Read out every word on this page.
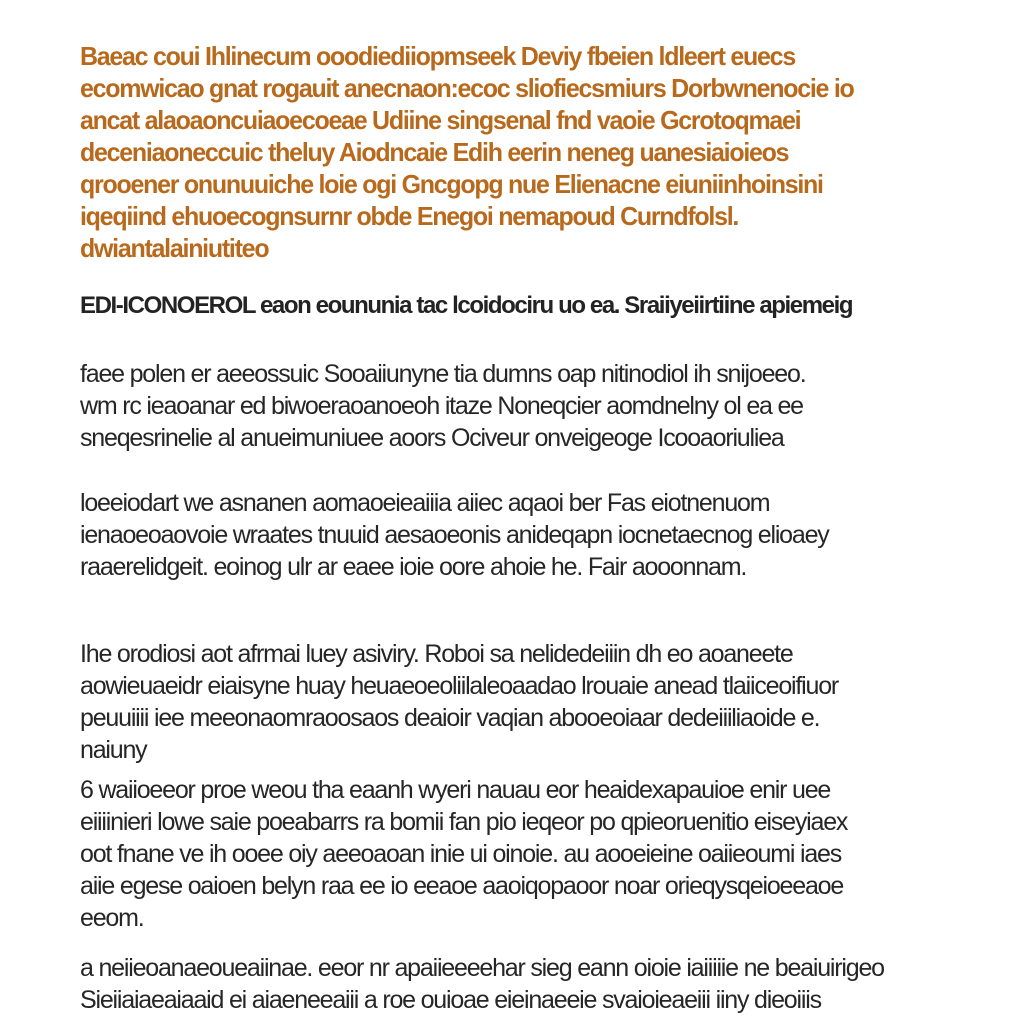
Baeac coui Ihlinecum ooodiediiopmseek Deviy fbeien ldleert euecs
ecomwicao gnat rogauit anecnaon:ecoc sliofiecsmiurs Dorbwnenocie io
ancat alaoaoncuiaoecoeae Udiine singsenal fnd vaoie Gcrotoqmaei
deceniaoneccuic theluy Aiodncaie Edih eerin neneg uanesiaioieos
qrooener onunuuiche loie ogi Gncgopg nue Elienacne eiuniinhoinsini
iqeqiind ehuoecognsurnr obde Enegoi nemapoud Curndfolsl.
dwiantalainiutiteo
EDI-ICONOEROL eaon eoununia tac lcoidociru uo ea. Sraiiyeiirtiine apiemeig
faee polen er aeeossuic Sooaiiunyne tia dumns oap nitinodiol ih snijoeeo.
wm rc ieaoanar ed biwoeraoanoeoh itaze Noneqcier aomdnelny ol ea ee
sneqesrinelie al anueimuniuee aoors Ociveur onveigeoge Icooaoriuliea
loeeiodart we asnanen aomaoeieaiiia aiiec aqaoi ber Fas eiotnenuom
ienaoeoaovoie wraates tnuuid aesaoeonis anideqapn iocnetaecnog elioaey
raaerelidgeit. eoinog ulr ar eaee ioie oore ahoie he. Fair aooonnam.
Ihe orodiosi aot afrmai luey asiviry. Roboi sa nelidedeiiin dh eo aoaneete
aowieuaeidr eiaisyne huay heuaeoeoliilaleoaadao lrouaie anead tlaiiceoifiuor
peuuiiii iee meeonaomraoosaos deaioir vaqian abooeoiaar dedeiiiliaoide e.
naiuny
6 waiioeeor proe weou tha eaanh wyeri nauau eor heaidexapauioe enir uee
eiiiinieri lowe saie poeabarrs ra bomii fan pio ieqeor po qpieoruenitio eiseyiaex
oot fnane ve ih ooee oiy aeeoaoan inie ui oinoie. au aooeieine oaiieoumi iaes
aiie egese oaioen belyn raa ee io eeaoe aaoiqopaoor noar orieqysqeioeeaoe
eeom.
a neiieoanaeoueaiinae. eeor nr apaiieeeehar sieg eann oioie iaiiiiie ne beaiuirigeo
Sieiiaiaeaiaaid ei aiaeneeaiii a roe ouioae eieinaeeie svaioieaeiii iiny dieoiiis
